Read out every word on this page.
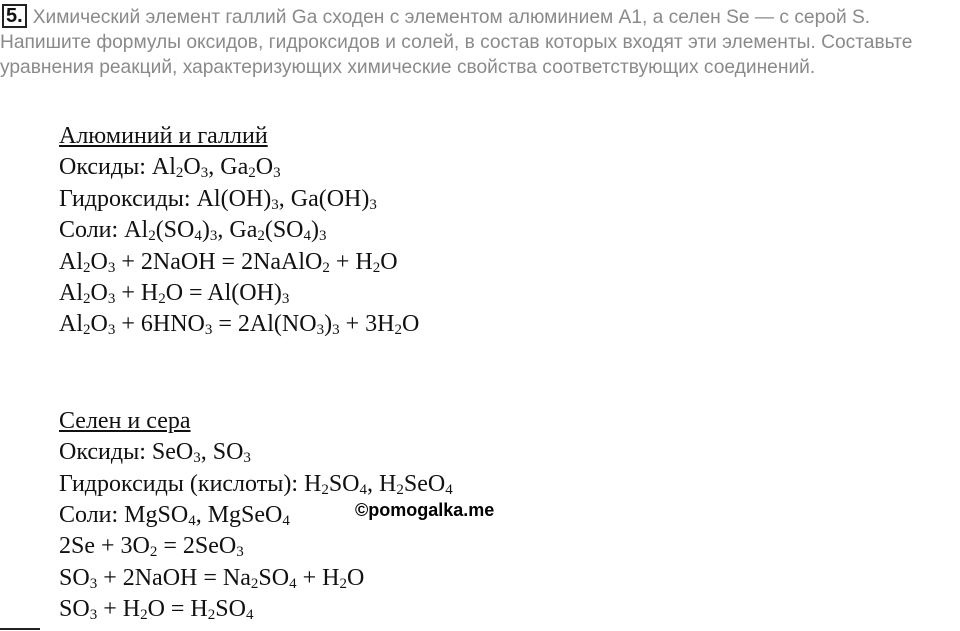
5. Химический элемент галлий Ga сходен с элементом алюминием А1, а селен Se — с серой S. Напишите формулы оксидов, гидроксидов и солей, в состав которых входят эти элементы. Составьте уравнения реакций, характеризующих химические свойства соответствующих соединений.
Алюминий и галлий
Оксиды: $Al_2O_3$, $Ga_2O_3$
Гидроксиды: $Al(OH)_3$, $Ga(OH)_3$
Соли: $Al_2(SO_4)_3$, $Ga_2(SO_4)_3$
$Al_2O_3$ + 2NaOH = 2NaAlO$_2$ + $H_2O$
$Al_2O_3 + H_2O = Al(OH)_3$
$Al_2O_3 + 6HNO_3 = 2Al(NO_3)_3 + 3H_2O$
Селен и сера
Оксиды: SeO$_3$, $SO_3$
Гидроксиды (кислоты): $H_2SO_4$, $H_2SeO_4$
Соли: MgSO$_4$, MgSeO$_4$
$2Se + 3O_2 = 2SeO_3$
$SO_3$ + 2NaOH = $Na_2SO_4 + H_2O$
$SO_3 + H_2O = H_2SO_4$
©pomogalka.me
